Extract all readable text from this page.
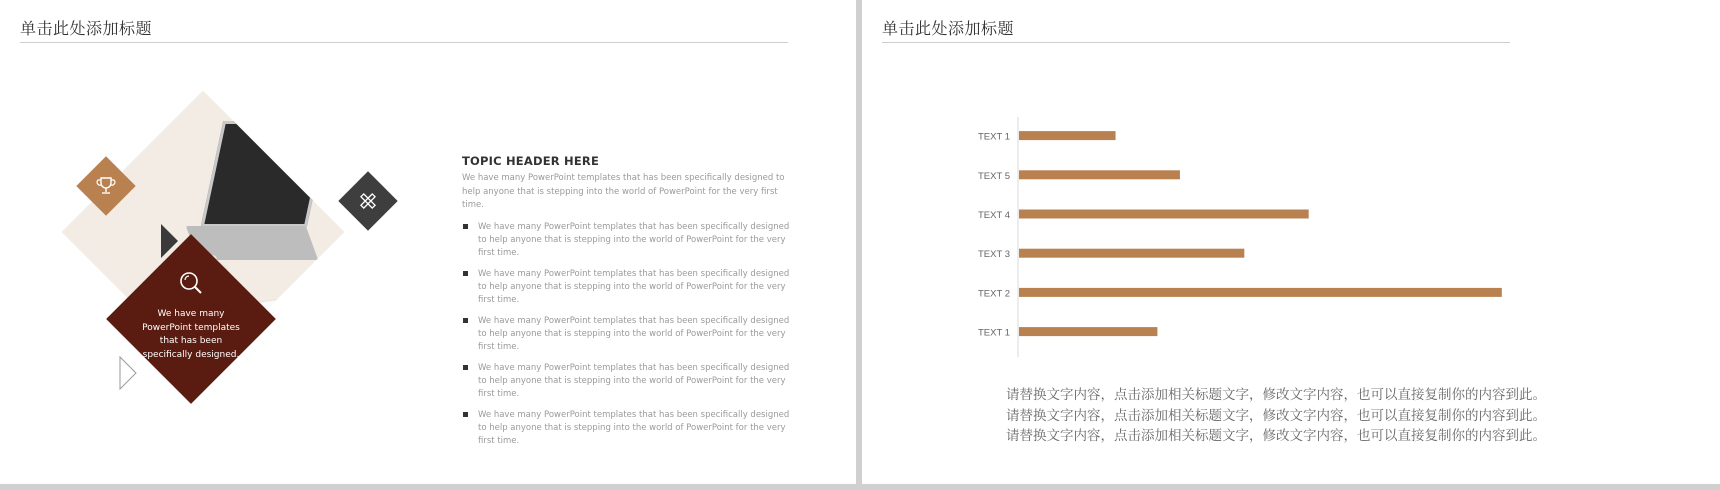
单击此处添加标题
We have many PowerPoint templates that has been specifically designed.
TOPIC HEADER HERE
We have many PowerPoint templates that has been specifically designed to help anyone that is stepping into the world of PowerPoint for the very first time.
We have many PowerPoint templates that has been specifically designed to help anyone that is stepping into the world of PowerPoint for the very first time.
We have many PowerPoint templates that has been specifically designed to help anyone that is stepping into the world of PowerPoint for the very first time.
We have many PowerPoint templates that has been specifically designed to help anyone that is stepping into the world of PowerPoint for the very first time.
We have many PowerPoint templates that has been specifically designed to help anyone that is stepping into the world of PowerPoint for the very first time.
We have many PowerPoint templates that has been specifically designed to help anyone that is stepping into the world of PowerPoint for the very first time.
单击此处添加标题
TEXT 1
TEXT 5
TEXT 4
TEXT 3
TEXT 2
TEXT 1
请替换文字内容，点击添加相关标题文字，修改文字内容，也可以直接复制你的内容到此。
请替换文字内容，点击添加相关标题文字，修改文字内容，也可以直接复制你的内容到此。
请替换文字内容，点击添加相关标题文字，修改文字内容，也可以直接复制你的内容到此。
